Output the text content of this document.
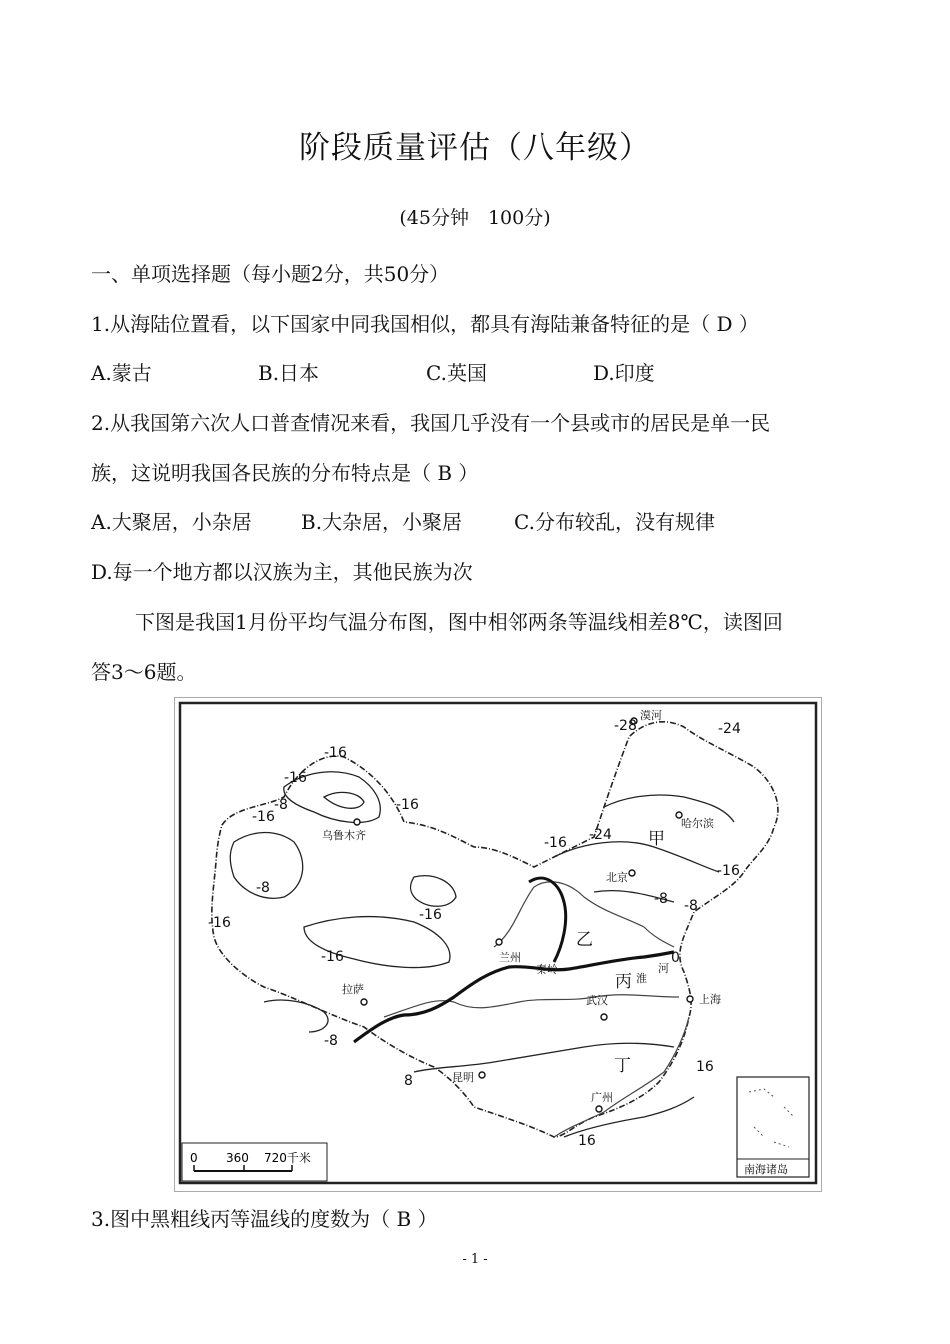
阶段质量评估（八年级）
(45分钟　100分)
一、单项选择题（每小题2分，共50分）
1.从海陆位置看，以下国家中同我国相似，都具有海陆兼备特征的是（ D ）
A.蒙古	B.日本	C.英国	D.印度
2.从我国第六次人口普查情况来看，我国几乎没有一个县或市的居民是单一民
族，这说明我国各民族的分布特点是（ B ）
A.大聚居，小杂居 B.大杂居，小聚居	C.分布较乱，没有规律
D.每一个地方都以汉族为主，其他民族为次
下图是我国1月份平均气温分布图，图中相邻两条等温线相差8℃，读图回
答3～6题。
漠河
哈尔滨
乌鲁木齐
北京
兰州
拉萨
武汉	上海
昆明
广州
秦岭
淮
河
甲
乙
丙
丁
-28	-24
-24
-16
-16
-16
-16
-16
-16
-16
-16
-16
-8
-8
-8 -8
-8
0
8
16
16
0 360 720千米
南海诸岛
3.图中黑粗线丙等温线的度数为（ B ）
- 1 -
